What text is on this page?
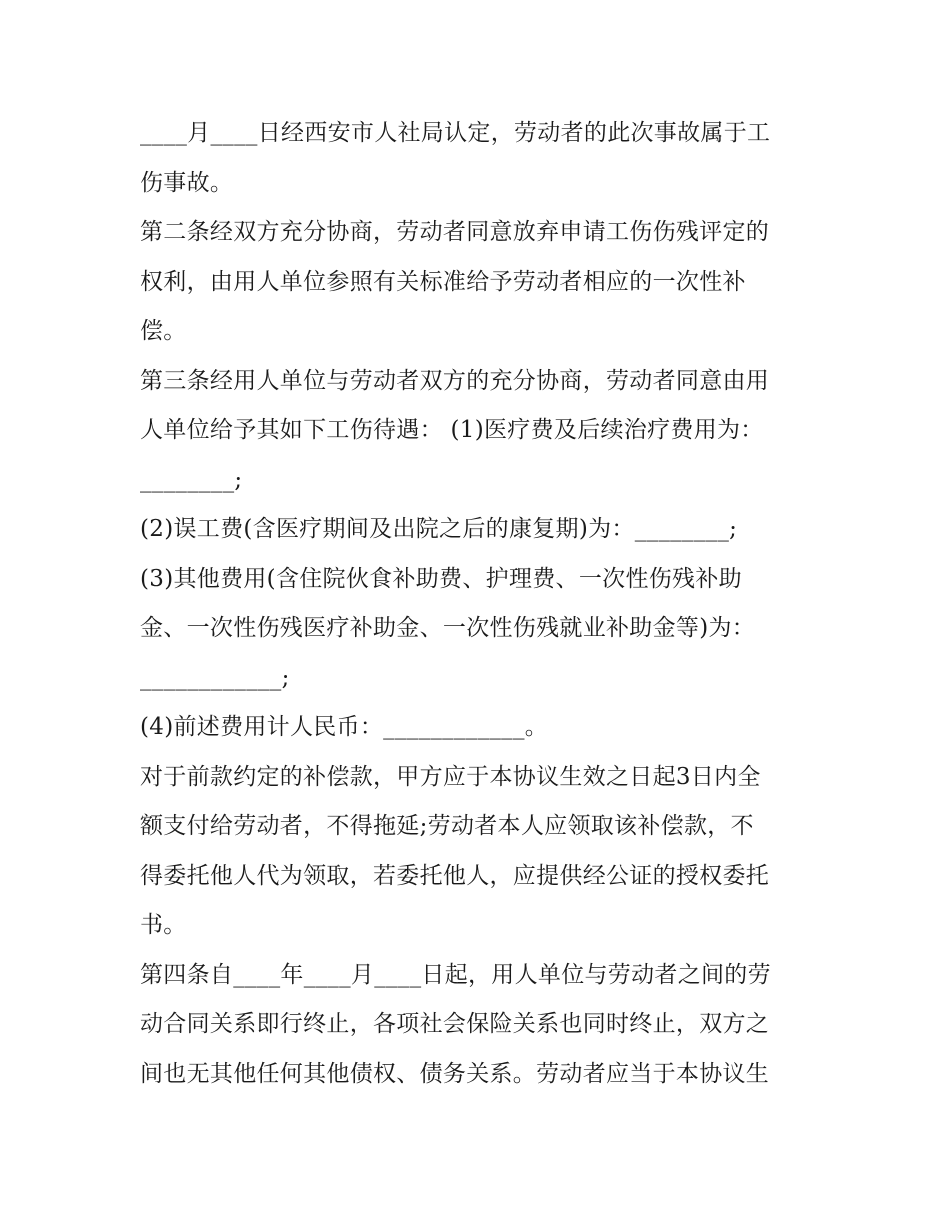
____月____日经西安市人社局认定，劳动者的此次事故属于工
伤事故。
第二条经双方充分协商，劳动者同意放弃申请工伤伤残评定的
权利，由用人单位参照有关标准给予劳动者相应的一次性补
偿。
第三条经用人单位与劳动者双方的充分协商，劳动者同意由用
人单位给予其如下工伤待遇： (1)医疗费及后续治疗费用为：
________;
(2)误工费(含医疗期间及出院之后的康复期)为：________;
(3)其他费用(含住院伙食补助费、护理费、一次性伤残补助
金、一次性伤残医疗补助金、一次性伤残就业补助金等)为：
____________;
(4)前述费用计人民币：____________。
对于前款约定的补偿款，甲方应于本协议生效之日起3日内全
额支付给劳动者，不得拖延;劳动者本人应领取该补偿款，不
得委托他人代为领取，若委托他人，应提供经公证的授权委托
书。
第四条自____年____月____日起，用人单位与劳动者之间的劳
动合同关系即行终止，各项社会保险关系也同时终止，双方之
间也无其他任何其他债权、债务关系。劳动者应当于本协议生
